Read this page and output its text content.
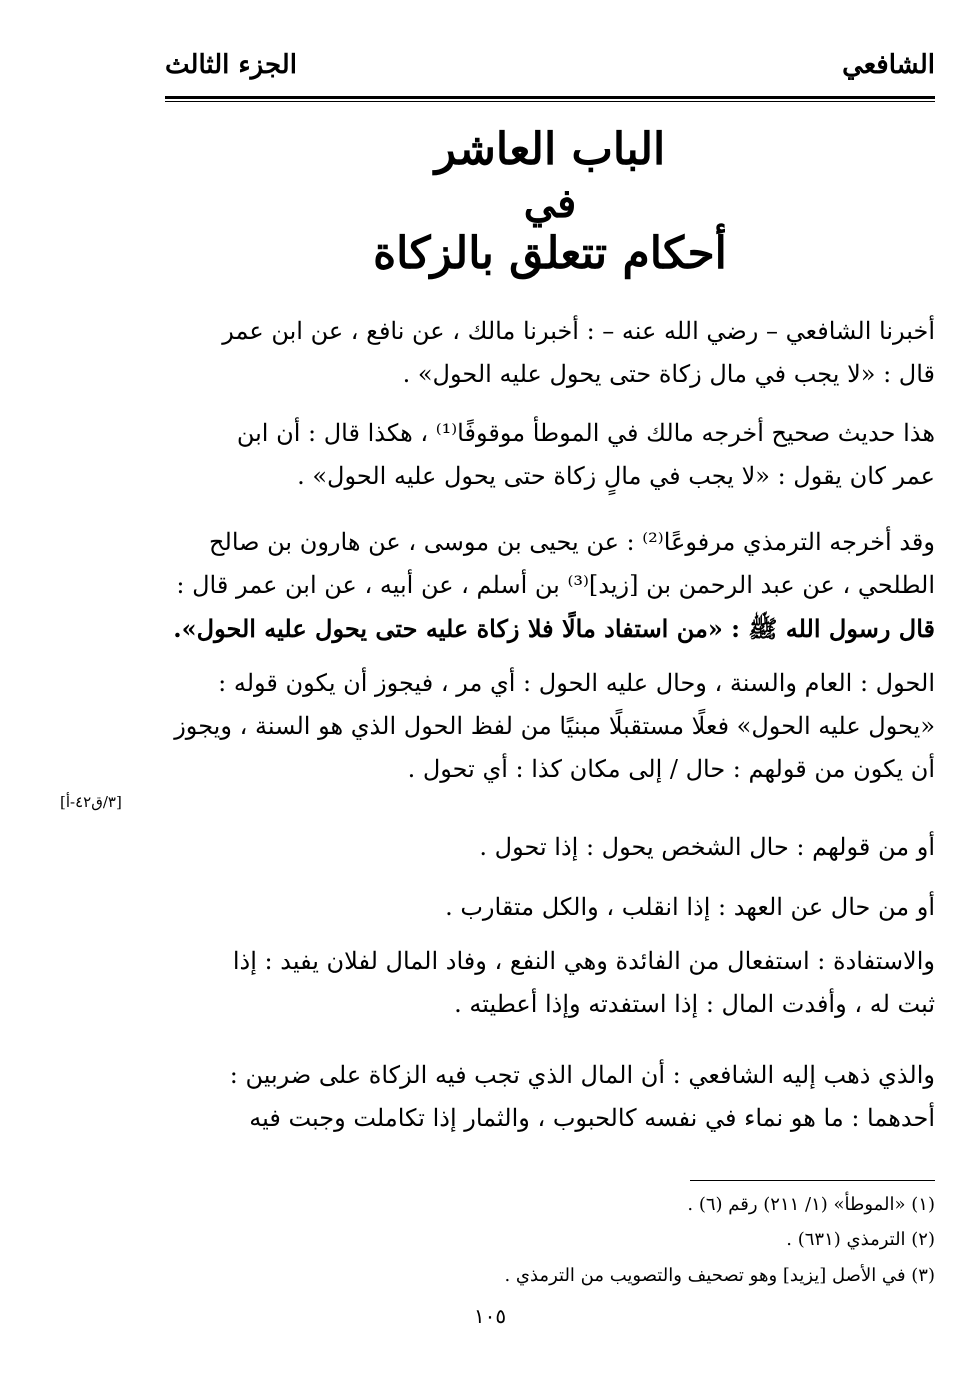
الشافعي
الجزء الثالث
الباب العاشر
في
أحكام تتعلق بالزكاة
أخبرنا الشافعي – رضي الله عنه – : أخبرنا مالك ، عن نافع ، عن ابن عمر
قال : «لا يجب في مال زكاة حتى يحول عليه الحول» .
هذا حديث صحيح أخرجه مالك في الموطأ موقوفًا⁽¹⁾ ، هكذا قال : أن ابن
عمر كان يقول : «لا يجب في مالٍ زكاة حتى يحول عليه الحول» .
وقد أخرجه الترمذي مرفوعًا⁽²⁾ : عن يحيى بن موسى ، عن هارون بن صالح
الطلحي ، عن عبد الرحمن بن [زيد]⁽³⁾ بن أسلم ، عن أبيه ، عن ابن عمر قال :
قال رسول الله ﷺ : «من استفاد مالًا فلا زكاة عليه حتى يحول عليه الحول».
الحول : العام والسنة ، وحال عليه الحول : أي مر ، فيجوز أن يكون قوله :
«يحول عليه الحول» فعلًا مستقبلًا مبنيًا من لفظ الحول الذي هو السنة ، ويجوز
أن يكون من قولهم : حال / إلى مكان كذا : أي تحول .
أو من قولهم : حال الشخص يحول : إذا تحول .
أو من حال عن العهد : إذا انقلب ، والكل متقارب .
والاستفادة : استفعال من الفائدة وهي النفع ، وفاد المال لفلان يفيد : إذا
ثبت له ، وأفدت المال : إذا استفدته وإذا أعطيته .
والذي ذهب إليه الشافعي : أن المال الذي تجب فيه الزكاة على ضربين :
أحدهما : ما هو نماء في نفسه كالحبوب ، والثمار إذا تكاملت وجبت فيه
[٣/ق٤٢-أ]
(١) «الموطأ» (١/ ٢١١) رقم (٦) .
(٢) الترمذي (٦٣١) .
(٣) في الأصل [يزيد] وهو تصحيف والتصويب من الترمذي .
١٠٥
